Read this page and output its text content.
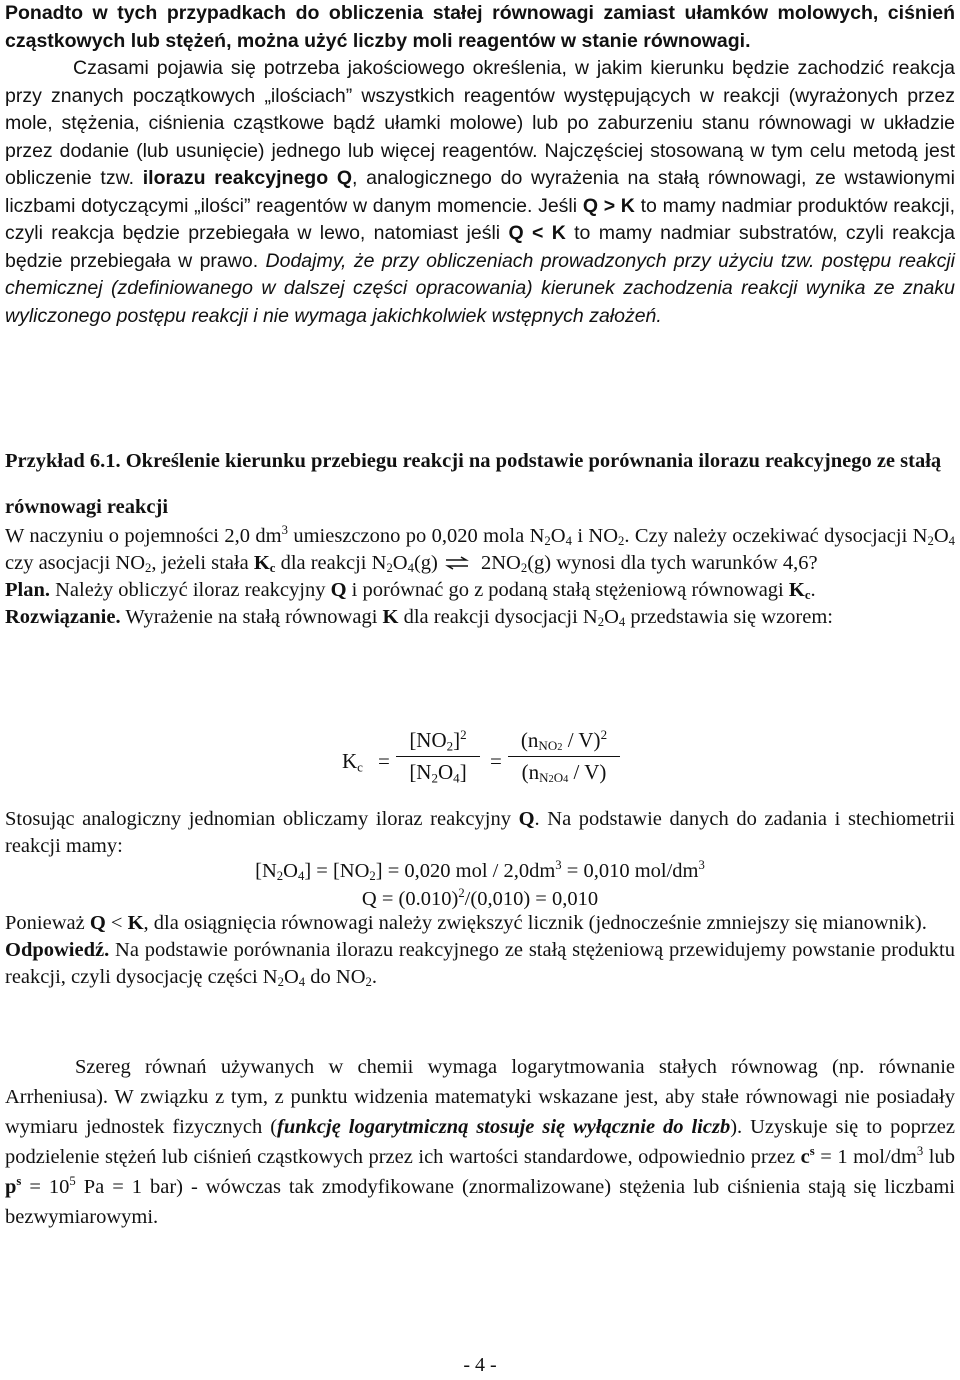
Ponadto w tych przypadkach do obliczenia stałej równowagi zamiast ułamków molowych, ciśnień cząstkowych lub stężeń, można użyć liczby moli reagentów w stanie równowagi.
Czasami pojawia się potrzeba jakościowego określenia, w jakim kierunku będzie zachodzić reakcja przy znanych początkowych „ilościach” wszystkich reagentów występujących w reakcji (wyrażonych przez mole, stężenia, ciśnienia cząstkowe bądź ułamki molowe) lub po zaburzeniu stanu równowagi w układzie przez dodanie (lub usunięcie) jednego lub więcej reagentów. Najczęściej stosowaną w tym celu metodą jest obliczenie tzw. ilorazu reakcyjnego Q, analogicznego do wyrażenia na stałą równowagi, ze wstawionymi liczbami dotyczącymi „ilości” reagentów w danym momencie. Jeśli Q > K to mamy nadmiar produktów reakcji, czyli reakcja będzie przebiegała w lewo, natomiast jeśli Q < K to mamy nadmiar substratów, czyli reakcja będzie przebiegała w prawo. Dodajmy, że przy obliczeniach prowadzonych przy użyciu tzw. postępu reakcji chemicznej (zdefiniowanego w dalszej części opracowania) kierunek zachodzenia reakcji wynika ze znaku wyliczonego postępu reakcji i nie wymaga jakichkolwiek wstępnych założeń.
Przykład 6.1. Określenie kierunku przebiegu reakcji na podstawie porównania ilorazu reakcyjnego ze stałą równowagi reakcji

W naczyniu o pojemności 2,0 $dm^3$ umieszczono po 0,020 mola $N_2O_4$ i $NO_2$. Czy należy oczekiwać dysocjacji $N_2O_4$ czy asocjacji $NO_2$, jeżeli stała $K_c$ dla reakcji $N_2O_4(g)$ ⇌ $2NO_2(g)$ wynosi dla tych warunków 4,6?

Plan. Należy obliczyć iloraz reakcyjny Q i porównać go z podaną stałą stężeniową równowagi $K_c$.

Rozwiązanie. Wyrażenie na stałą równowagi K dla reakcji dysocjacji $N_2O_4$ przedstawia się wzorem:

$K_c$ =
$[NO_2]^2$
$[N_2O_4]$	=
$(n_{NO2} / V)^2$
$(n_{N2O4} / V)$
Stosując analogiczny jednomian obliczamy iloraz reakcyjny Q. Na podstawie danych do zadania i stechiometrii reakcji mamy:
$[N_2O_4] = [NO_2] = 0,020$ mol / $2,0dm^3 = 0,010$ mol/$dm^3$
$Q = (0.010)^2/(0,010) = 0,010$

Ponieważ Q < K, dla osiągnięcia równowagi należy zwiększyć licznik (jednocześnie zmniejszy się mianownik).

Odpowiedź. Na podstawie porównania ilorazu reakcyjnego ze stałą stężeniową przewidujemy powstanie produktu reakcji, czyli dysocjację części $N_2O_4$ do $NO_2$.

Szereg równań używanych w chemii wymaga logarytmowania stałych równowag (np. równanie Arrheniusa). W związku z tym, z punktu widzenia matematyki wskazane jest, aby stałe równowagi nie posiadały wymiaru jednostek fizycznych (funkcję logarytmiczną stosuje się wyłącznie do liczb). Uzyskuje się to poprzez podzielenie stężeń lub ciśnień cząstkowych przez ich wartości standardowe, odpowiednio przez $c^s = 1$ mol/$dm^3$ lub $p^s = 10^5$ Pa = 1 bar) - wówczas tak zmodyfikowane (znormalizowane) stężenia lub ciśnienia stają się liczbami bezwymiarowymi.
- 4 -
